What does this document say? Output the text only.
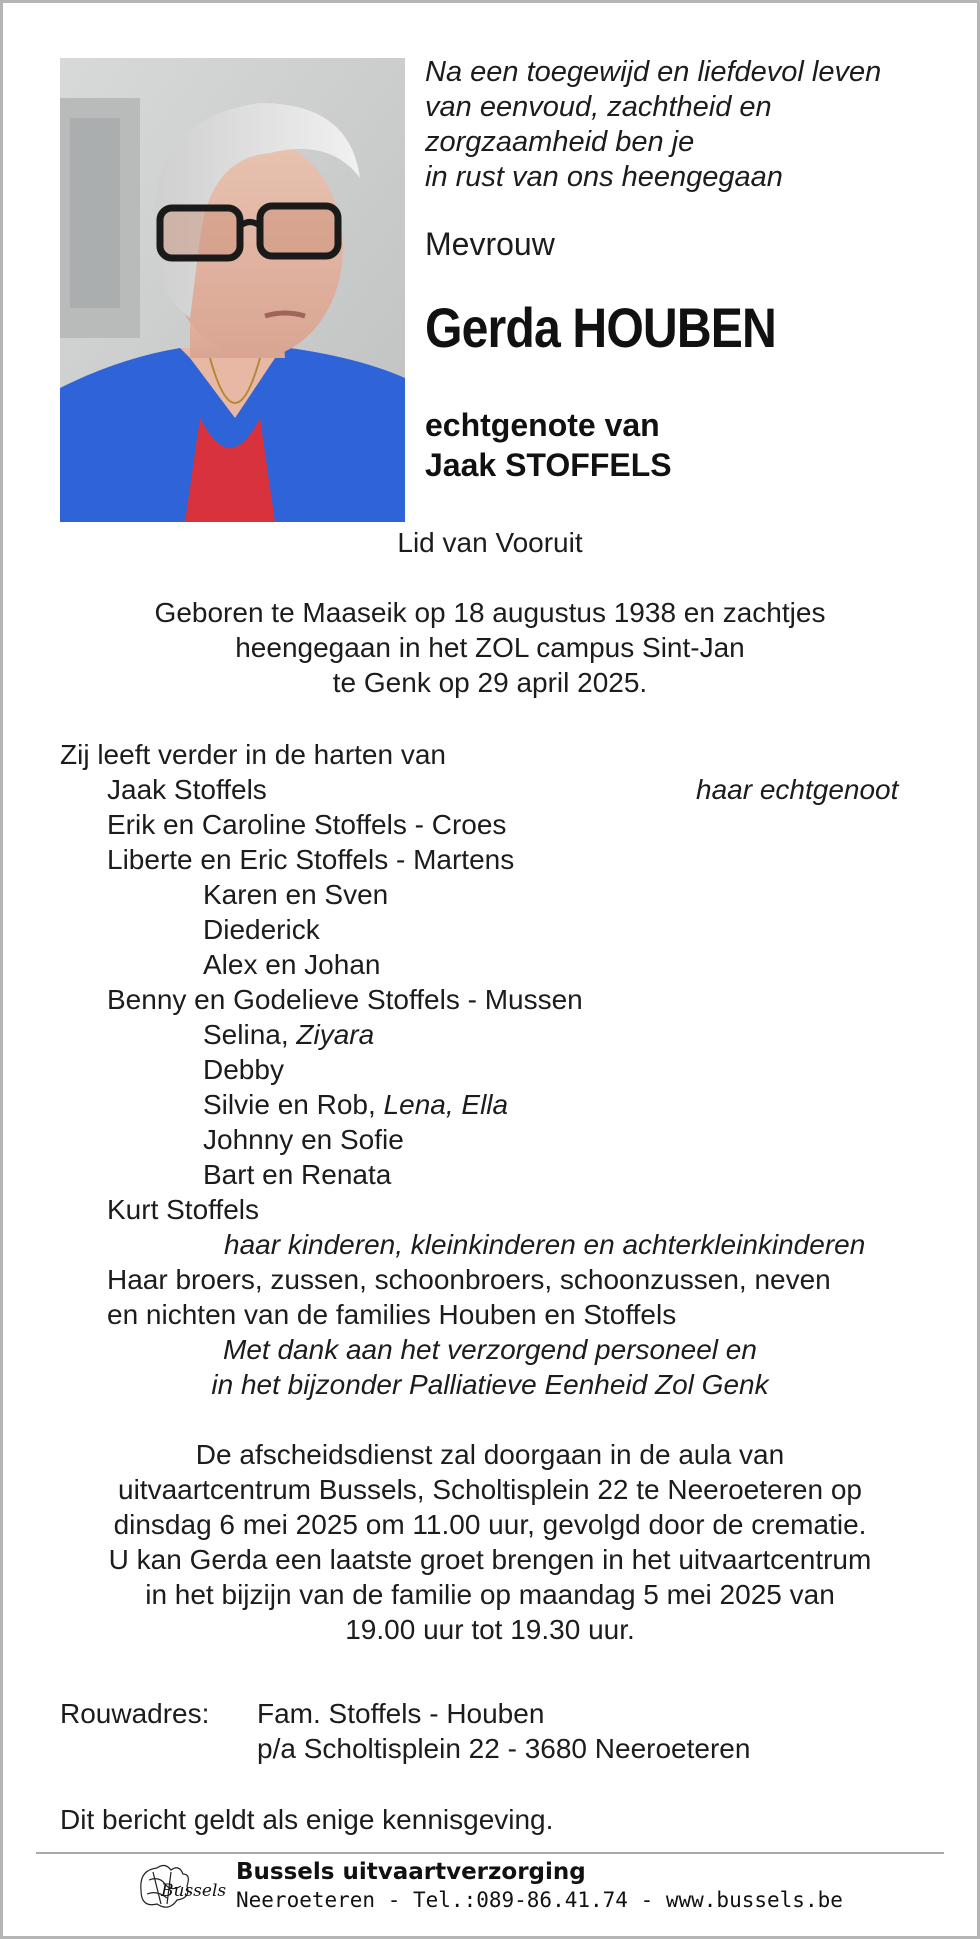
Na een toegewijd en liefdevol leven
van eenvoud, zachtheid en
zorgzaamheid ben je
in rust van ons heengegaan
Mevrouw
Gerda HOUBEN
echtgenote van
Jaak STOFFELS
Lid van Vooruit
Geboren te Maaseik op 18 augustus 1938 en zachtjes
heengegaan in het ZOL campus Sint-Jan
te Genk op 29 april 2025.
Zij leeft verder in de harten van
Jaak Stoffels	haar echtgenoot
Erik en Caroline Stoffels - Croes
Liberte en Eric Stoffels - Martens
Karen en Sven
Diederick
Alex en Johan
Benny en Godelieve Stoffels - Mussen
Selina, Ziyara
Debby
Silvie en Rob, Lena, Ella
Johnny en Sofie
Bart en Renata
Kurt Stoffels
haar kinderen, kleinkinderen en achterkleinkinderen
Haar broers, zussen, schoonbroers, schoonzussen, neven
en nichten van de families Houben en Stoffels
Met dank aan het verzorgend personeel en
in het bijzonder Palliatieve Eenheid Zol Genk
De afscheidsdienst zal doorgaan in de aula van
uitvaartcentrum Bussels, Scholtisplein 22 te Neeroeteren op
dinsdag 6 mei 2025 om 11.00 uur, gevolgd door de crematie.
U kan Gerda een laatste groet brengen in het uitvaartcentrum
in het bijzijn van de familie op maandag 5 mei 2025 van
19.00 uur tot 19.30 uur.
Rouwadres: Fam. Stoffels - Houben
p/a Scholtisplein 22 - 3680 Neeroeteren
Dit bericht geldt als enige kennisgeving.
Bussels
Bussels uitvaartverzorging
Neeroeteren - Tel.:089-86.41.74 - www.bussels.be
